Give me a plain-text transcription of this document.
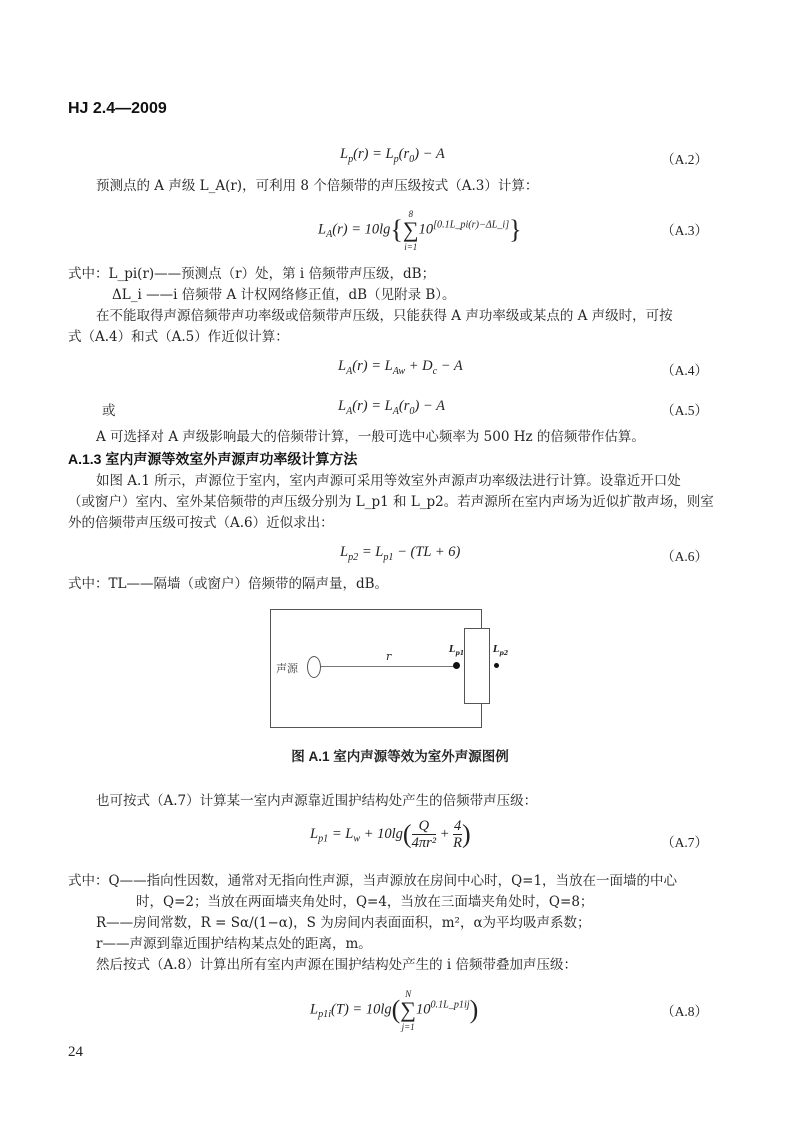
HJ 2.4—2009
$L_p(r) = L_p(r_0) - A$	（A.2）
预测点的 A 声级 L_A(r)，可利用 8 个倍频带的声压级按式（A.3）计算：
$L_A(r) = 10\lg\{8$
∑
i=110[0.1L_pi(r)−ΔL_i]}	（A.3）
式中：L_pi(r)——预测点（r）处，第 i 倍频带声压级，dB；
ΔL_i ——i 倍频带 A 计权网络修正值，dB（见附录 B）。
在不能取得声源倍频带声功率级或倍频带声压级，只能获得 A 声功率级或某点的 A 声级时，可按
式（A.4）和式（A.5）作近似计算：
$L_A(r) = L_{Aw} + D_c - A$	（A.4）
或	$L_A(r) = L_A(r_0) - A$	（A.5）
A 可选择对 A 声级影响最大的倍频带计算，一般可选中心频率为 500 Hz 的倍频带作估算。
A.1.3 室内声源等效室外声源声功率级计算方法
如图 A.1 所示，声源位于室内，室内声源可采用等效室外声源声功率级法进行计算。设靠近开口处
（或窗户）室内、室外某倍频带的声压级分别为 L_p1 和 L_p2。若声源所在室内声场为近似扩散声场，则室
外的倍频带声压级可按式（A.6）近似求出：
$L_{p2} = L_{p1} - (TL + 6)$	（A.6）
式中：TL——隔墙（或窗户）倍频带的隔声量，dB。
声源
r	$L_{p1}$	$L_{p2}$
图 A.1 室内声源等效为室外声源图例
也可按式（A.7）计算某一室内声源靠近围护结构处产生的倍频带声压级：
$L_{p1} = L_w + 10\lg( \frac{Q}{\text{4πr²}} + \frac{4}{R}$ )	（A.7）
式中：Q——指向性因数，通常对无指向性声源，当声源放在房间中心时，Q=1，当放在一面墙的中心
时，Q=2；当放在两面墙夹角处时，Q=4，当放在三面墙夹角处时，Q=8；
R——房间常数，R = Sα/(1−α)，S 为房间内表面面积，m²，α为平均吸声系数；
r——声源到靠近围护结构某点处的距离，m。
然后按式（A.8）计算出所有室内声源在围护结构处产生的 i 倍频带叠加声压级：
$L_{p1i}(T) = 10\lg(N$
∑
$j=110^{0.1L\_p1ij}$)	（A.8）
24
